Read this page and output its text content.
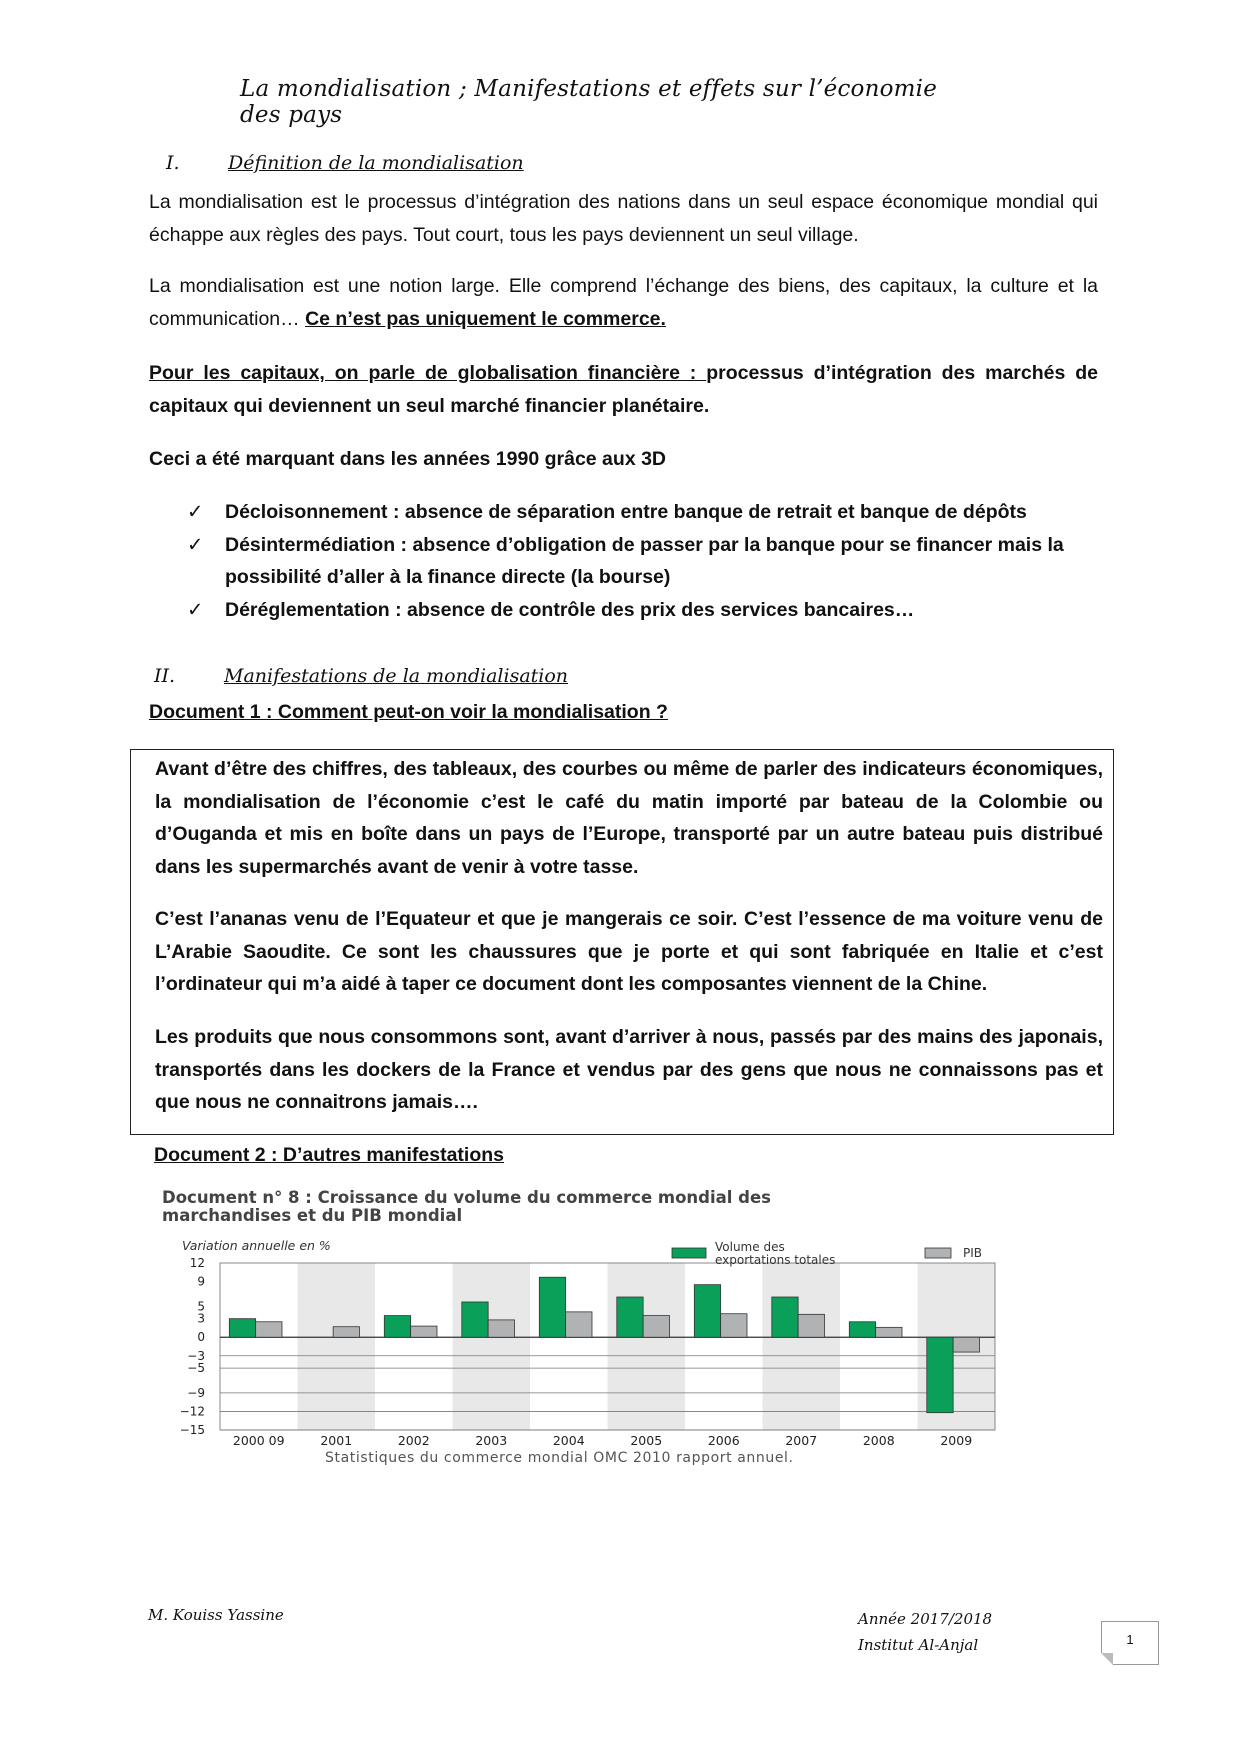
La mondialisation ; Manifestations et effets sur l’économie des pays
I.	Définition de la mondialisation
La mondialisation est le processus d’intégration des nations dans un seul espace économique mondial qui échappe aux règles des pays. Tout court, tous les pays deviennent un seul village.
La mondialisation est une notion large. Elle comprend l’échange des biens, des capitaux, la culture et la communication… Ce n’est pas uniquement le commerce.
Pour les capitaux, on parle de globalisation financière : processus d’intégration des marchés de capitaux qui deviennent un seul marché financier planétaire.
Ceci a été marquant dans les années 1990 grâce aux 3D
✓ Décloisonnement : absence de séparation entre banque de retrait et banque de dépôts
✓ Désintermédiation : absence d’obligation de passer par la banque pour se financer mais la possibilité d’aller à la finance directe (la bourse)
✓ Déréglementation : absence de contrôle des prix des services bancaires…
II.	Manifestations de la mondialisation
Document 1 : Comment peut-on voir la mondialisation ?
Avant d’être des chiffres, des tableaux, des courbes ou même de parler des indicateurs économiques, la mondialisation de l’économie c’est le café du matin importé par bateau de la Colombie ou d’Ouganda et mis en boîte dans un pays de l’Europe, transporté par un autre bateau puis distribué dans les supermarchés avant de venir à votre tasse.
C’est l’ananas venu de l’Equateur et que je mangerais ce soir. C’est l’essence de ma voiture venu de L’Arabie Saoudite. Ce sont les chaussures que je porte et qui sont fabriquée en Italie et c’est l’ordinateur qui m’a aidé à taper ce document dont les composantes viennent de la Chine.
Les produits que nous consommons sont, avant d’arriver à nous, passés par des mains des japonais, transportés dans les dockers de la France et vendus par des gens que nous ne connaissons pas et que nous ne connaitrons jamais….
Document 2 : D’autres manifestations
Document n° 8 : Croissance du volume du commerce mondial des
marchandises et du PIB mondial
Variation annuelle en %
12
9
5
3
0
−3
−5
−9
−12
−15
2000 09	2001	2002	2003	2004	2005	2006	2007	2008	2009
Statistiques du commerce mondial OMC 2010 rapport annuel.
Volume des
exportations totales	PIB
M. Kouiss Yassine	Année 2017/2018
Institut Al-Anjal	1
